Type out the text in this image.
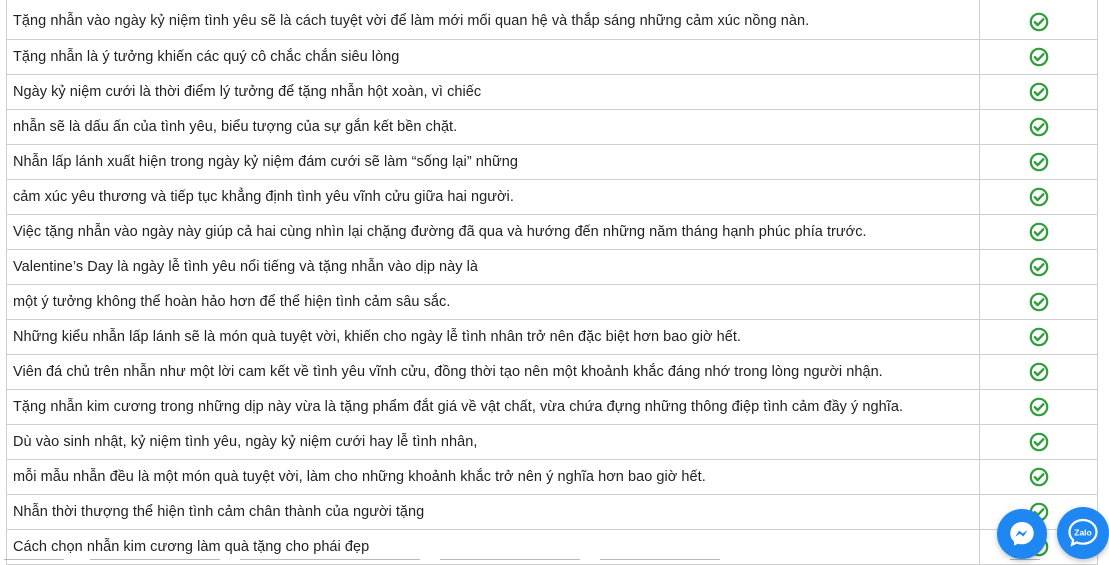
Tặng nhẫn vào ngày kỷ niệm tình yêu sẽ là cách tuyệt vời để làm mới mối quan hệ và thắp sáng những cảm xúc nồng nàn.
Tặng nhẫn là ý tưởng khiến các quý cô chắc chắn siêu lòng
Ngày kỷ niệm cưới là thời điểm lý tưởng để tặng nhẫn hột xoàn, vì chiếc
nhẫn sẽ là dấu ấn của tình yêu, biểu tượng của sự gắn kết bền chặt.
Nhẫn lấp lánh xuất hiện trong ngày kỷ niệm đám cưới sẽ làm “sống lại” những
cảm xúc yêu thương và tiếp tục khẳng định tình yêu vĩnh cửu giữa hai người.
Việc tặng nhẫn vào ngày này giúp cả hai cùng nhìn lại chặng đường đã qua và hướng đến những năm tháng hạnh phúc phía trước.
Valentine’s Day là ngày lễ tình yêu nổi tiếng và tặng nhẫn vào dịp này là
một ý tưởng không thể hoàn hảo hơn để thể hiện tình cảm sâu sắc.
Những kiểu nhẫn lấp lánh sẽ là món quà tuyệt vời, khiến cho ngày lễ tình nhân trở nên đặc biệt hơn bao giờ hết.
Viên đá chủ trên nhẫn như một lời cam kết về tình yêu vĩnh cửu, đồng thời tạo nên một khoảnh khắc đáng nhớ trong lòng người nhận.
Tặng nhẫn kim cương trong những dịp này vừa là tặng phẩm đắt giá về vật chất, vừa chứa đựng những thông điệp tình cảm đầy ý nghĩa.
Dù vào sinh nhật, kỷ niệm tình yêu, ngày kỷ niệm cưới hay lễ tình nhân,
mỗi mẫu nhẫn đều là một món quà tuyệt vời, làm cho những khoảnh khắc trở nên ý nghĩa hơn bao giờ hết.
Nhẫn thời thượng thể hiện tình cảm chân thành của người tặng
Cách chọn nhẫn kim cương làm quà tặng cho phái đẹp
Zalo
